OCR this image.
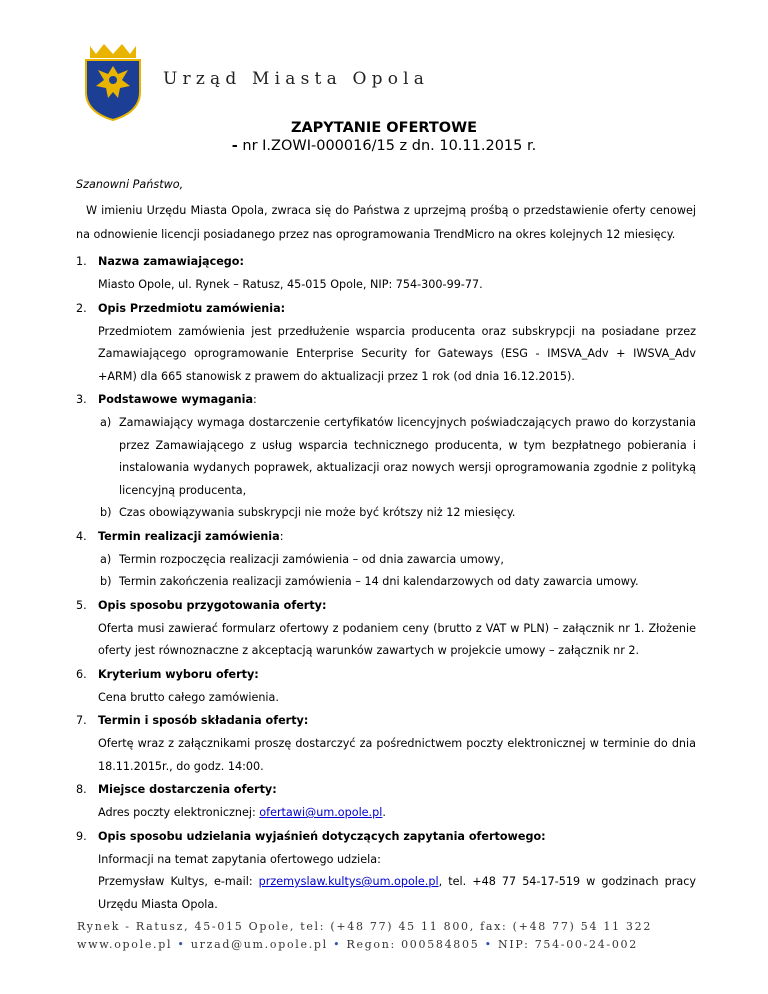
Urząd Miasta Opola
ZAPYTANIE OFERTOWE
- nr I.ZOWI-000016/15 z dn. 10.11.2015 r.

Szanowni Państwo,

W imieniu Urzędu Miasta Opola, zwraca się do Państwa z uprzejmą prośbą o przedstawienie oferty cenowej na odnowienie licencji posiadanego przez nas oprogramowania TrendMicro na okres kolejnych 12 miesięcy.

1.	Nazwa zamawiającego:
Miasto Opole, ul. Rynek – Ratusz, 45-015 Opole, NIP: 754-300-99-77.
2.	Opis Przedmiotu zamówienia:
Przedmiotem zamówienia jest przedłużenie wsparcia producenta oraz subskrypcji na posiadane przez Zamawiającego oprogramowanie Enterprise Security for Gateways (ESG - IMSVA_Adv + IWSVA_Adv +ARM) dla 665 stanowisk z prawem do aktualizacji przez 1 rok (od dnia 16.12.2015).
3.	Podstawowe wymagania:
a) Zamawiający wymaga dostarczenie certyfikatów licencyjnych poświadczających prawo do korzystania przez Zamawiającego z usług wsparcia technicznego producenta, w tym bezpłatnego pobierania i instalowania wydanych poprawek, aktualizacji oraz nowych wersji oprogramowania zgodnie z polityką licencyjną producenta,
b) Czas obowiązywania subskrypcji nie może być krótszy niż 12 miesięcy.
4.	Termin realizacji zamówienia:
a) Termin rozpoczęcia realizacji zamówienia – od dnia zawarcia umowy,
b) Termin zakończenia realizacji zamówienia – 14 dni kalendarzowych od daty zawarcia umowy.
5.	Opis sposobu przygotowania oferty:
Oferta musi zawierać formularz ofertowy z podaniem ceny (brutto z VAT w PLN) – załącznik nr 1. Złożenie oferty jest równoznaczne z akceptacją warunków zawartych w projekcie umowy – załącznik nr 2.
6.	Kryterium wyboru oferty:
Cena brutto całego zamówienia.
7.	Termin i sposób składania oferty:
Ofertę wraz z załącznikami proszę dostarczyć za pośrednictwem poczty elektronicznej w terminie do dnia 18.11.2015r., do godz. 14:00.
8.	Miejsce dostarczenia oferty:
Adres poczty elektronicznej: ofertawi@um.opole.pl.
9.	Opis sposobu udzielania wyjaśnień dotyczących zapytania ofertowego:
Informacji na temat zapytania ofertowego udziela:
Przemysław Kultys, e-mail: przemyslaw.kultys@um.opole.pl, tel. +48 77 54-17-519 w godzinach pracy Urzędu Miasta Opola.
Rynek - Ratusz, 45-015 Opole, tel: (+48 77) 45 11 800, fax: (+48 77) 54 11 322
www.opole.pl • urzad@um.opole.pl • Regon: 000584805 • NIP: 754-00-24-002
